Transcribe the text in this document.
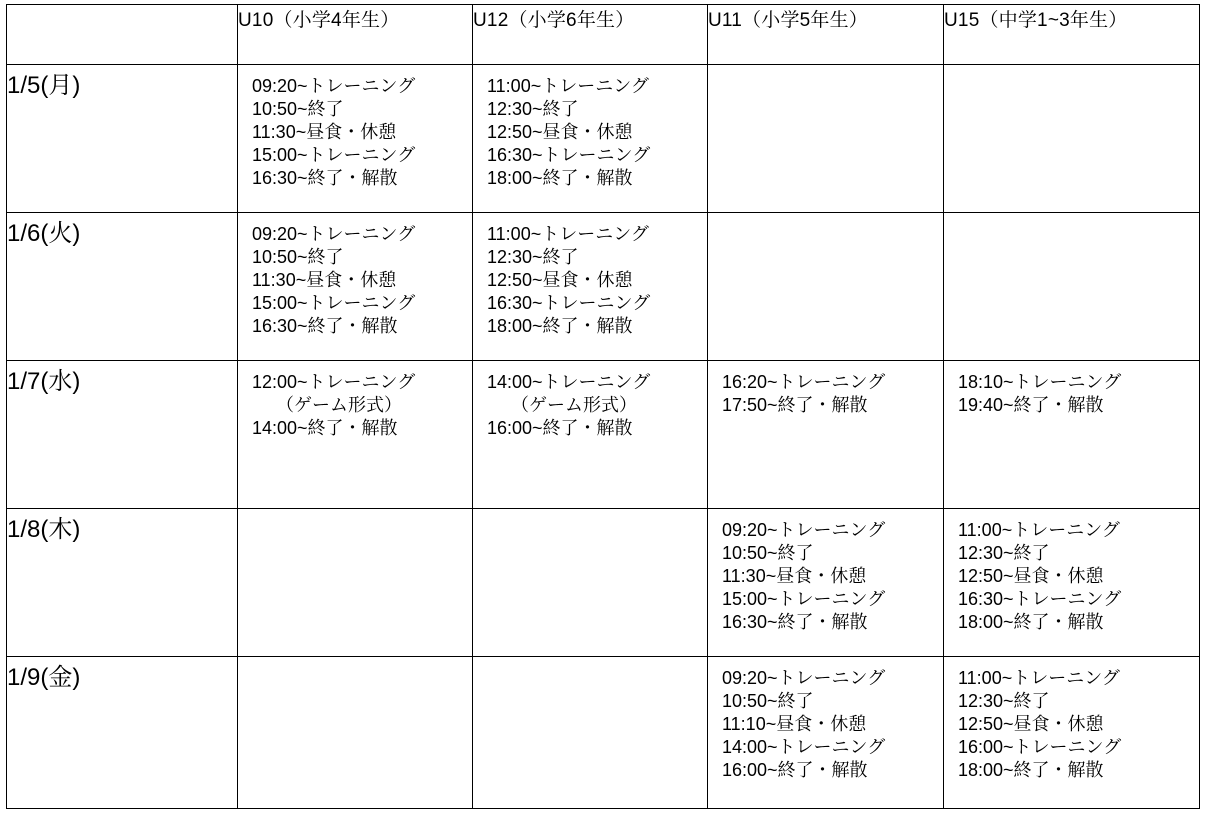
	U10（小学4年生）	U12（小学6年生）	U11（小学5年生）	U15（中学1~3年生）
1/5(月)	09:20~トレーニング
10:50~終了
11:30~昼食・休憩
15:00~トレーニング
16:30~終了・解散	11:00~トレーニング
12:30~終了
12:50~昼食・休憩
16:30~トレーニング
18:00~終了・解散		

1/6(火)	09:20~トレーニング
10:50~終了
11:30~昼食・休憩
15:00~トレーニング
16:30~終了・解散	11:00~トレーニング
12:30~終了
12:50~昼食・休憩
16:30~トレーニング
18:00~終了・解散		

1/7(水)	12:00~トレーニング
（ゲーム形式）
14:00~終了・解散	14:00~トレーニング
（ゲーム形式）
16:00~終了・解散	16:20~トレーニング
17:50~終了・解散	18:10~トレーニング
19:40~終了・解散

1/8(木)			09:20~トレーニング
10:50~終了
11:30~昼食・休憩
15:00~トレーニング
16:30~終了・解散	11:00~トレーニング
12:30~終了
12:50~昼食・休憩
16:30~トレーニング
18:00~終了・解散

1/9(金)			09:20~トレーニング
10:50~終了
11:10~昼食・休憩
14:00~トレーニング
16:00~終了・解散	11:00~トレーニング
12:30~終了
12:50~昼食・休憩
16:00~トレーニング
18:00~終了・解散
